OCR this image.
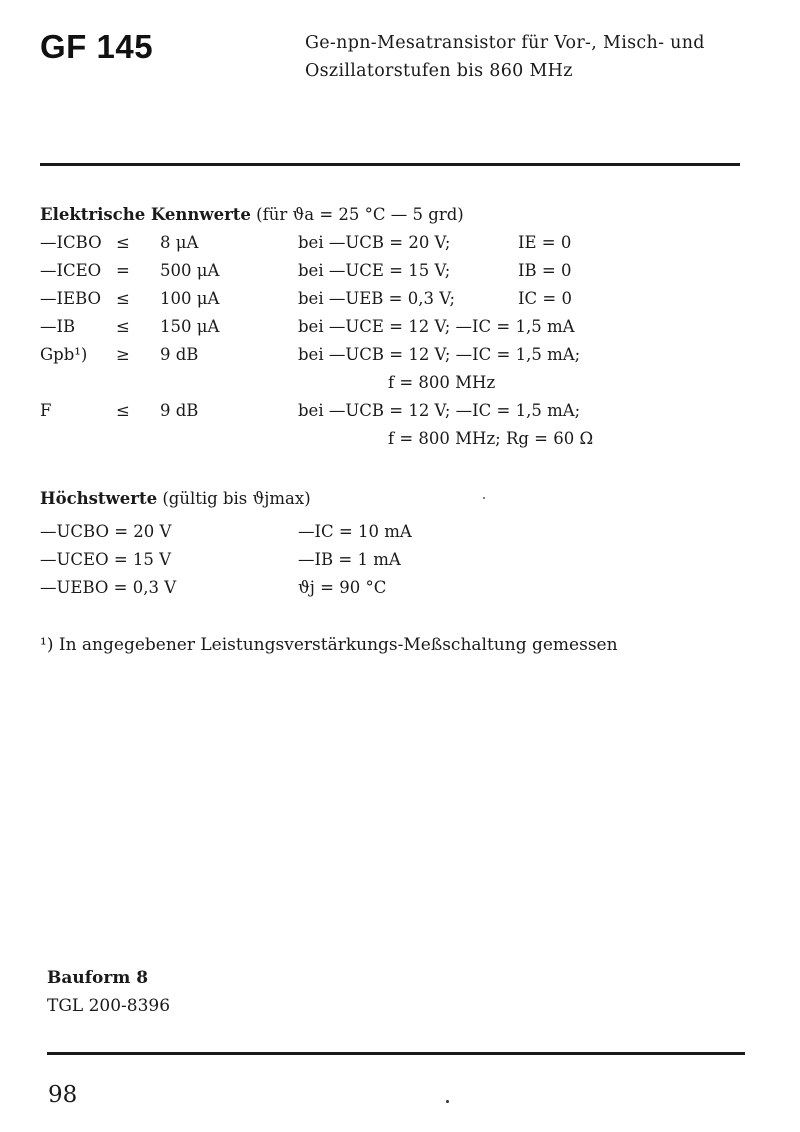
GF 145	Ge-npn-Mesatransistor für Vor-, Misch- und
Oszillatorstufen bis 860 MHz
Elektrische Kennwerte (für ϑa = 25 °C — 5 grd)
—ICBO ≤ 8 μA	bei —UCB = 20 V;	IE = 0
—ICEO = 500 μA	bei —UCE = 15 V;	IB = 0
—IEBO ≤ 100 μA	bei —UEB = 0,3 V;	IC = 0
—IB ≤ 150 μA	bei —UCE = 12 V; —IC = 1,5 mA
Gpb¹) ≥ 9 dB	bei —UCB = 12 V; —IC = 1,5 mA;
f = 800 MHz
F	≤ 9 dB	bei —UCB = 12 V; —IC = 1,5 mA;
f = 800 MHz; Rg = 60 Ω
Höchstwerte (gültig bis ϑjmax)
—UCBO = 20 V	—IC = 10 mA
—UCEO = 15 V	—IB = 1 mA
—UEBO = 0,3 V	ϑj = 90 °C
¹) In angegebener Leistungsverstärkungs-Meßschaltung gemessen
Bauform 8
TGL 200-8396
98
